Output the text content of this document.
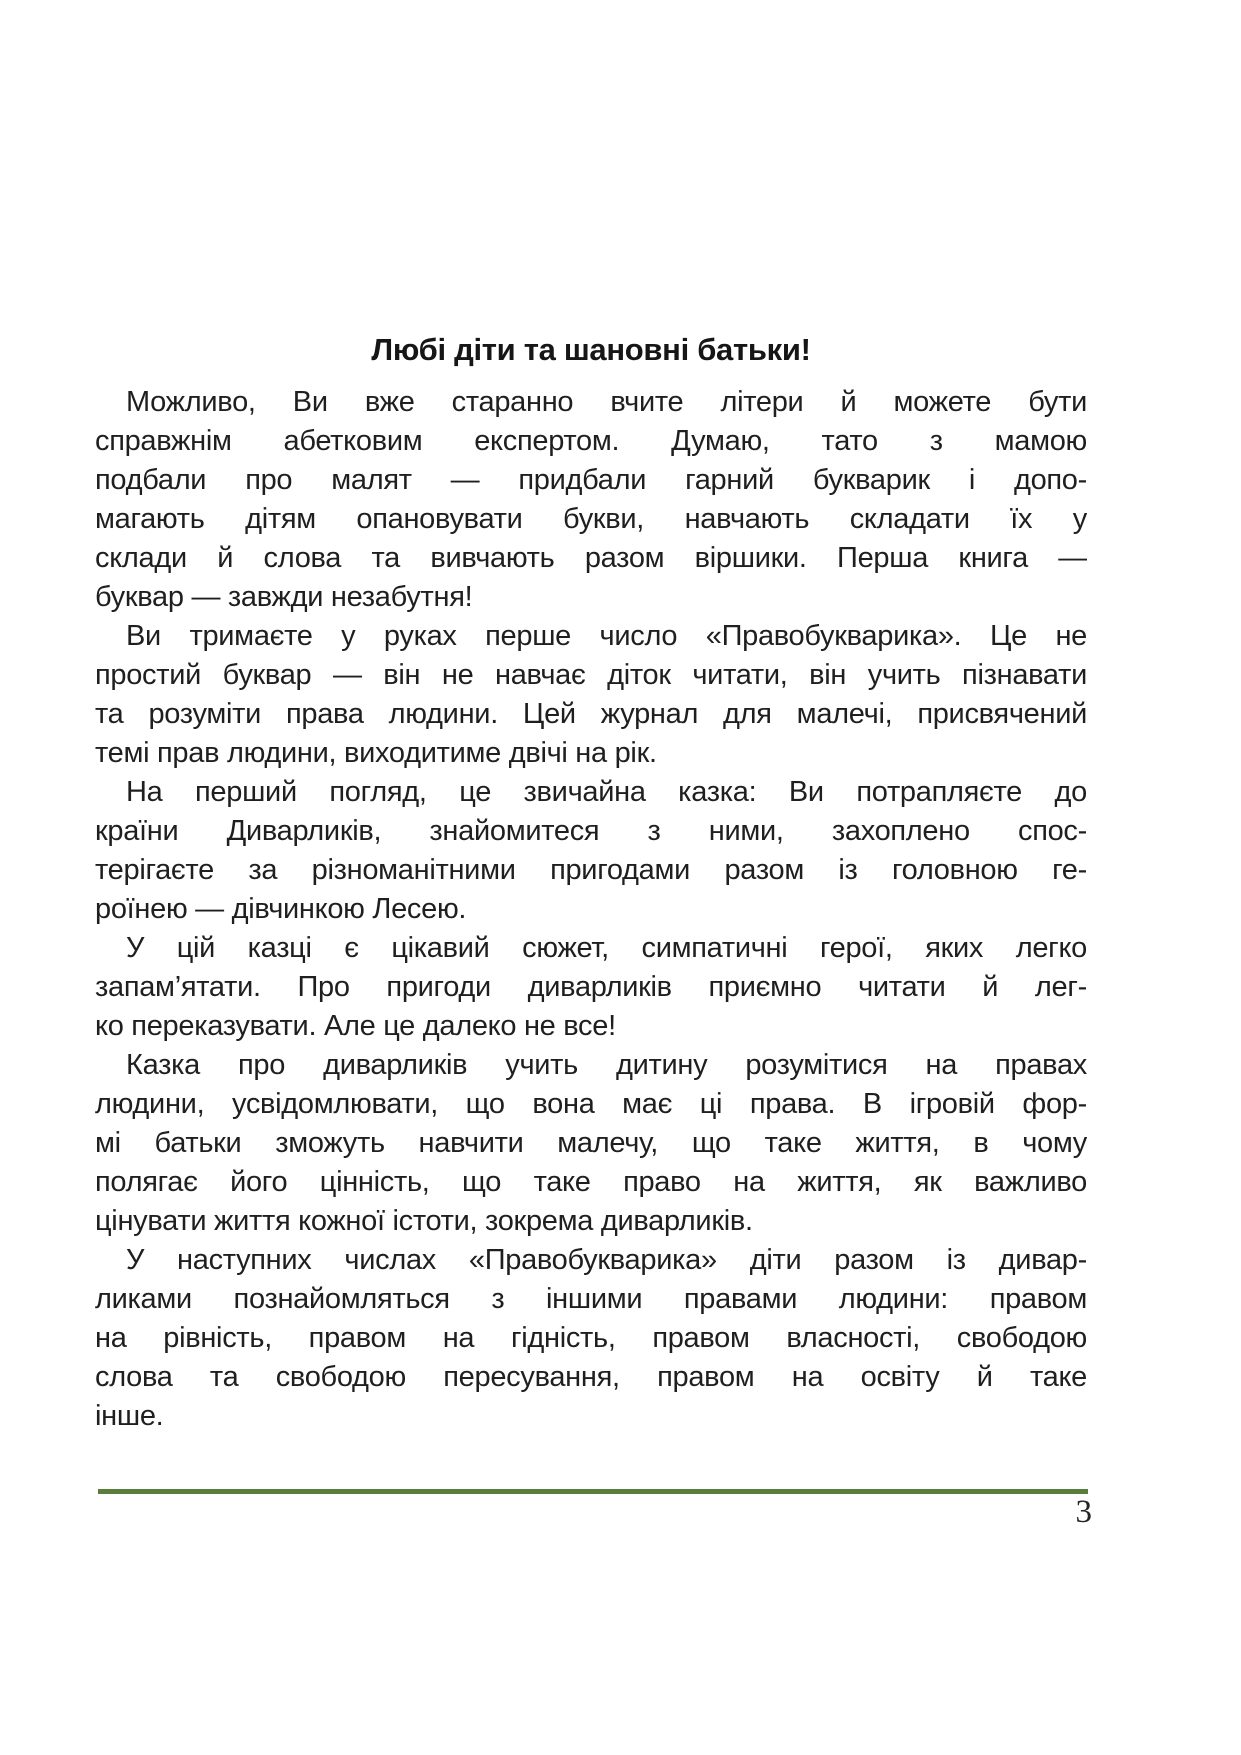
Любі діти та шановні батьки!
Можливо, Ви вже старанно вчите літери й можете бути
справжнім абетковим експертом. Думаю, тато з мамою
подбали про малят — придбали гарний букварик і допо-
магають дітям опановувати букви, навчають складати їх у
склади й слова та вивчають разом віршики. Перша книга —
буквар — завжди незабутня!
Ви тримаєте у руках перше число «Правобукварика». Це не
простий буквар — він не навчає діток читати, він учить пізнавати
та розуміти права людини. Цей журнал для малечі, присвячений
темі прав людини, виходитиме двічі на рік.
На перший погляд, це звичайна казка: Ви потрапляєте до
країни Диварликів, знайомитеся з ними, захоплено спос-
терігаєте за різноманітними пригодами разом із головною ге-
роїнею — дівчинкою Лесею.
У цій казці є цікавий сюжет, симпатичні герої, яких легко
запам’ятати. Про пригоди диварликів приємно читати й лег-
ко переказувати. Але це далеко не все!
Казка про диварликів учить дитину розумітися на правах
людини, усвідомлювати, що вона має ці права. В ігровій фор-
мі батьки зможуть навчити малечу, що таке життя, в чому
полягає його цінність, що таке право на життя, як важливо
цінувати життя кожної істоти, зокрема диварликів.
У наступних числах «Правобукварика» діти разом із дивар-
ликами познайомляться з іншими правами людини: правом
на рівність, правом на гідність, правом власності, свободою
слова та свободою пересування, правом на освіту й таке
інше.
3
